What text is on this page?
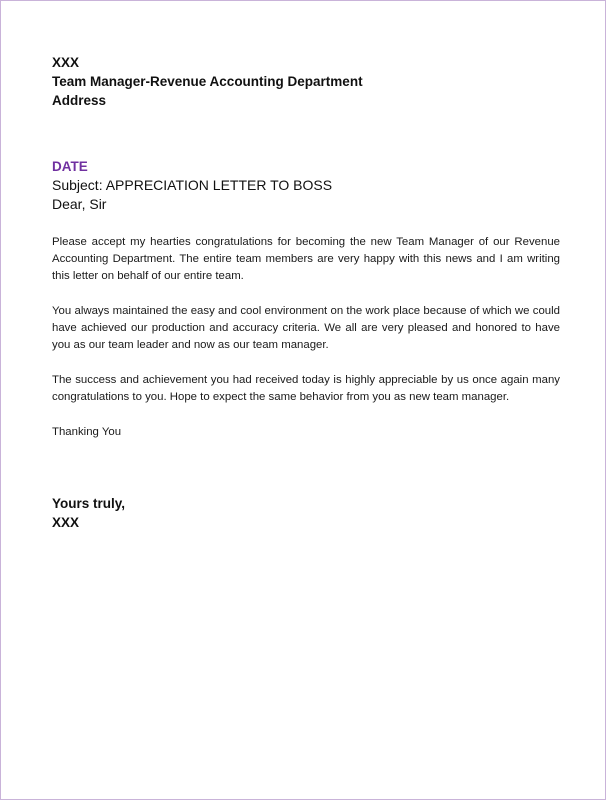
XXX
Team Manager-Revenue Accounting Department
Address
DATE
Subject: APPRECIATION LETTER TO BOSS
Dear, Sir
Please accept my hearties congratulations for becoming the new Team Manager of our Revenue Accounting Department. The entire team members are very happy with this news and I am writing this letter on behalf of our entire team.
You always maintained the easy and cool environment on the work place because of which we could have achieved our production and accuracy criteria. We all are very pleased and honored to have you as our team leader and now as our team manager.
The success and achievement you had received today is highly appreciable by us once again many congratulations to you. Hope to expect the same behavior from you as new team manager.
Thanking You
Yours truly,
XXX
